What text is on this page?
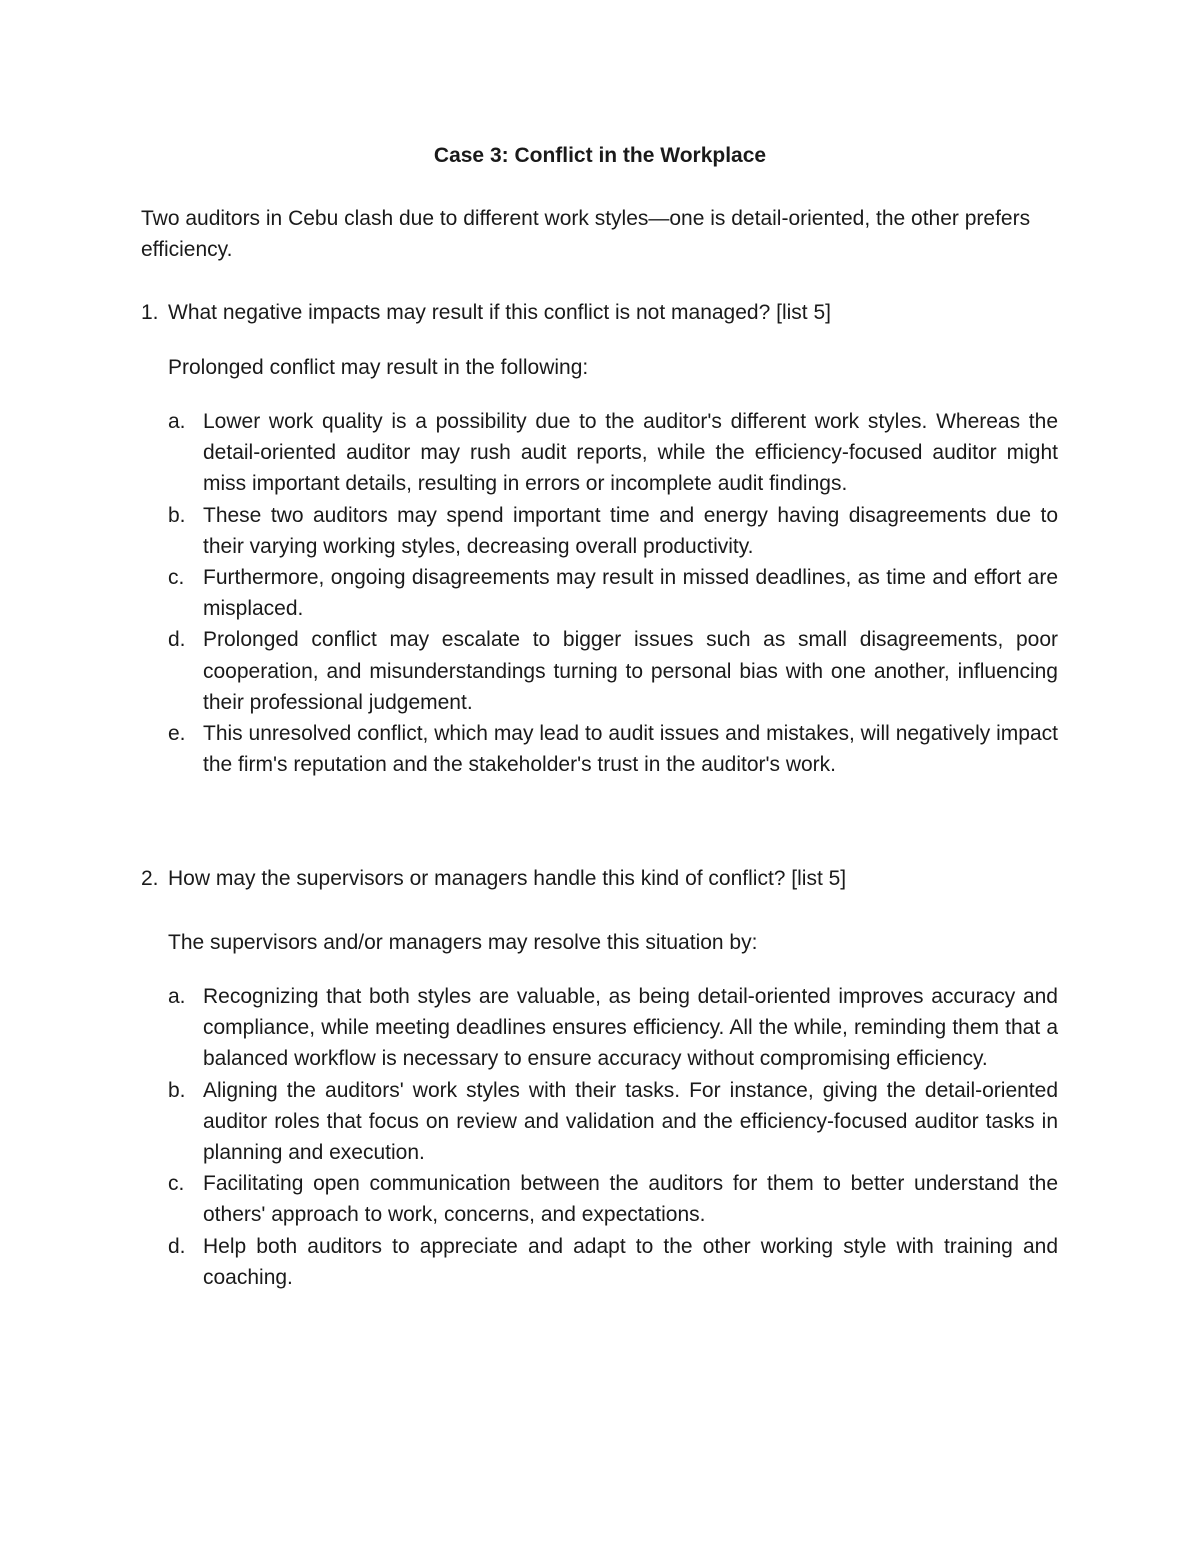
Case 3: Conflict in the Workplace

Two auditors in Cebu clash due to different work styles—one is detail-oriented, the other prefers efficiency.

1. What negative impacts may result if this conflict is not managed? [list 5]

Prolonged conflict may result in the following:

a. Lower work quality is a possibility due to the auditor's different work styles. Whereas the detail-oriented auditor may rush audit reports, while the efficiency-focused auditor might miss important details, resulting in errors or incomplete audit findings.
b. These two auditors may spend important time and energy having disagreements due to their varying working styles, decreasing overall productivity.
c. Furthermore, ongoing disagreements may result in missed deadlines, as time and effort are misplaced.
d. Prolonged conflict may escalate to bigger issues such as small disagreements, poor cooperation, and misunderstandings turning to personal bias with one another, influencing their professional judgement.
e. This unresolved conflict, which may lead to audit issues and mistakes, will negatively impact the firm's reputation and the stakeholder's trust in the auditor's work.
2. How may the supervisors or managers handle this kind of conflict? [list 5]

The supervisors and/or managers may resolve this situation by:

a. Recognizing that both styles are valuable, as being detail-oriented improves accuracy and compliance, while meeting deadlines ensures efficiency. All the while, reminding them that a balanced workflow is necessary to ensure accuracy without compromising efficiency.
b. Aligning the auditors' work styles with their tasks. For instance, giving the detail-oriented auditor roles that focus on review and validation and the efficiency-focused auditor tasks in planning and execution.
c. Facilitating open communication between the auditors for them to better understand the others' approach to work, concerns, and expectations.
d. Help both auditors to appreciate and adapt to the other working style with training and coaching.
